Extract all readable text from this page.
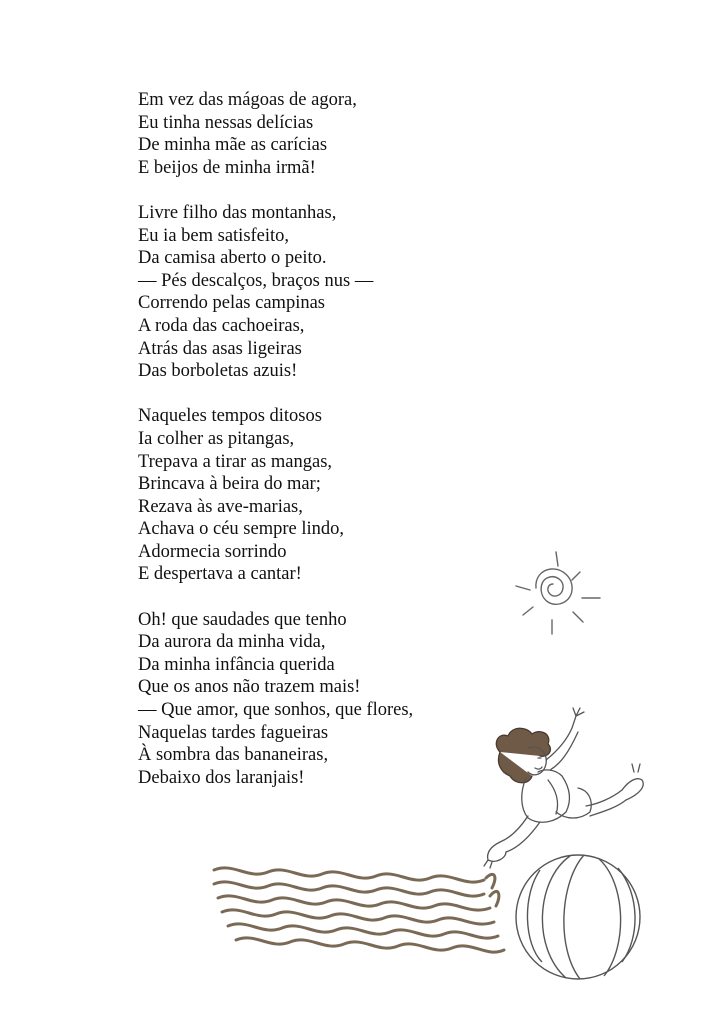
Em vez das mágoas de agora,
Eu tinha nessas delícias
De minha mãe as carícias
E beijos de minha irmã!
Livre filho das montanhas,
Eu ia bem satisfeito,
Da camisa aberto o peito.
— Pés descalços, braços nus —
Correndo pelas campinas
A roda das cachoeiras,
Atrás das asas ligeiras
Das borboletas azuis!
Naqueles tempos ditosos
Ia colher as pitangas,
Trepava a tirar as mangas,
Brincava à beira do mar;
Rezava às ave-marias,
Achava o céu sempre lindo,
Adormecia sorrindo
E despertava a cantar!
Oh! que saudades que tenho
Da aurora da minha vida,
Da minha infância querida
Que os anos não trazem mais!
— Que amor, que sonhos, que flores,
Naquelas tardes fagueiras
À sombra das bananeiras,
Debaixo dos laranjais!
